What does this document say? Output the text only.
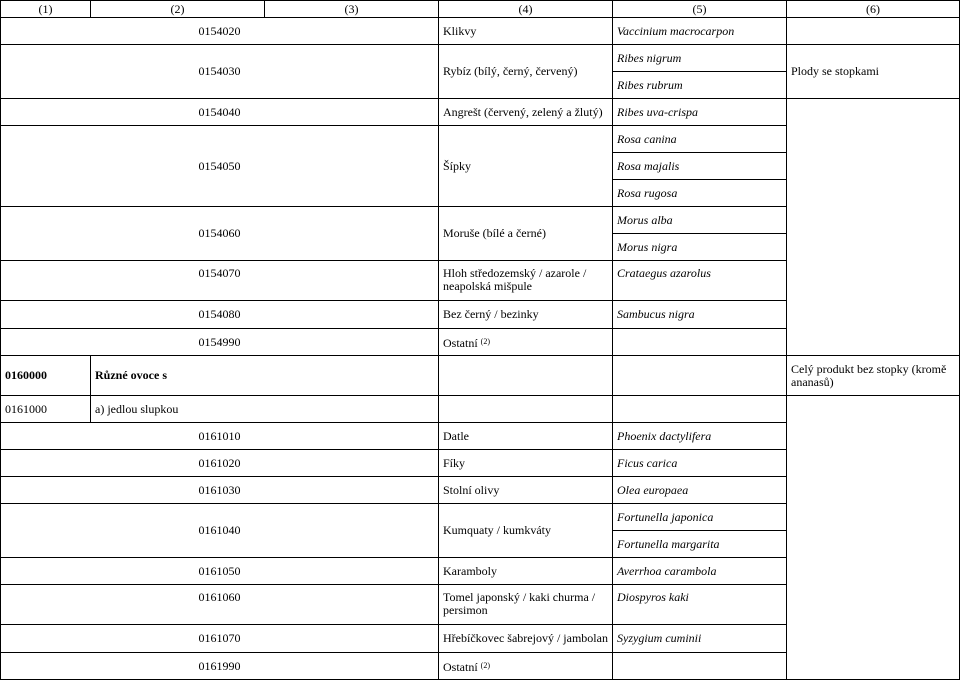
(1)	(2)	(3)	(4)	(5)	(6)
0154020			Klikvy	Vaccinium macrocarpon	
0154030			Rybíz (bílý, černý, červený)	Ribes nigrum	Plody se stopkami
				Ribes rubrum	
0154040			Angrešt (červený, zelený a žlutý)	Ribes uva-crispa	
0154050			Šípky	Rosa canina	
				Rosa majalis	
				Rosa rugosa	
0154060			Moruše (bílé a černé)	Morus alba	
				Morus nigra	
0154070			Hloh středozemský / azarole / neapolská mišpule	Crataegus azarolus	
0154080			Bez černý / bezinky	Sambucus nigra	
0154990			Ostatní $^{(2)}$	
0160000	Různé ovoce s				Celý produkt bez stopky (kromě ananasů)
0161000	a) jedlou slupkou				
0161010			Datle	Phoenix dactylifera	
0161020			Fíky	Ficus carica	
0161030			Stolní olivy	Olea europaea	
0161040			Kumquaty / kumkváty	Fortunella japonica	
				Fortunella margarita	
0161050			Karamboly	Averrhoa carambola	
0161060			Tomel japonský / kaki churma / persimon	Diospyros kaki	
0161070			Hřebíčkovec šabrejový / jambolan	Syzygium cuminii	
0161990			Ostatní $^{(2)}$	
